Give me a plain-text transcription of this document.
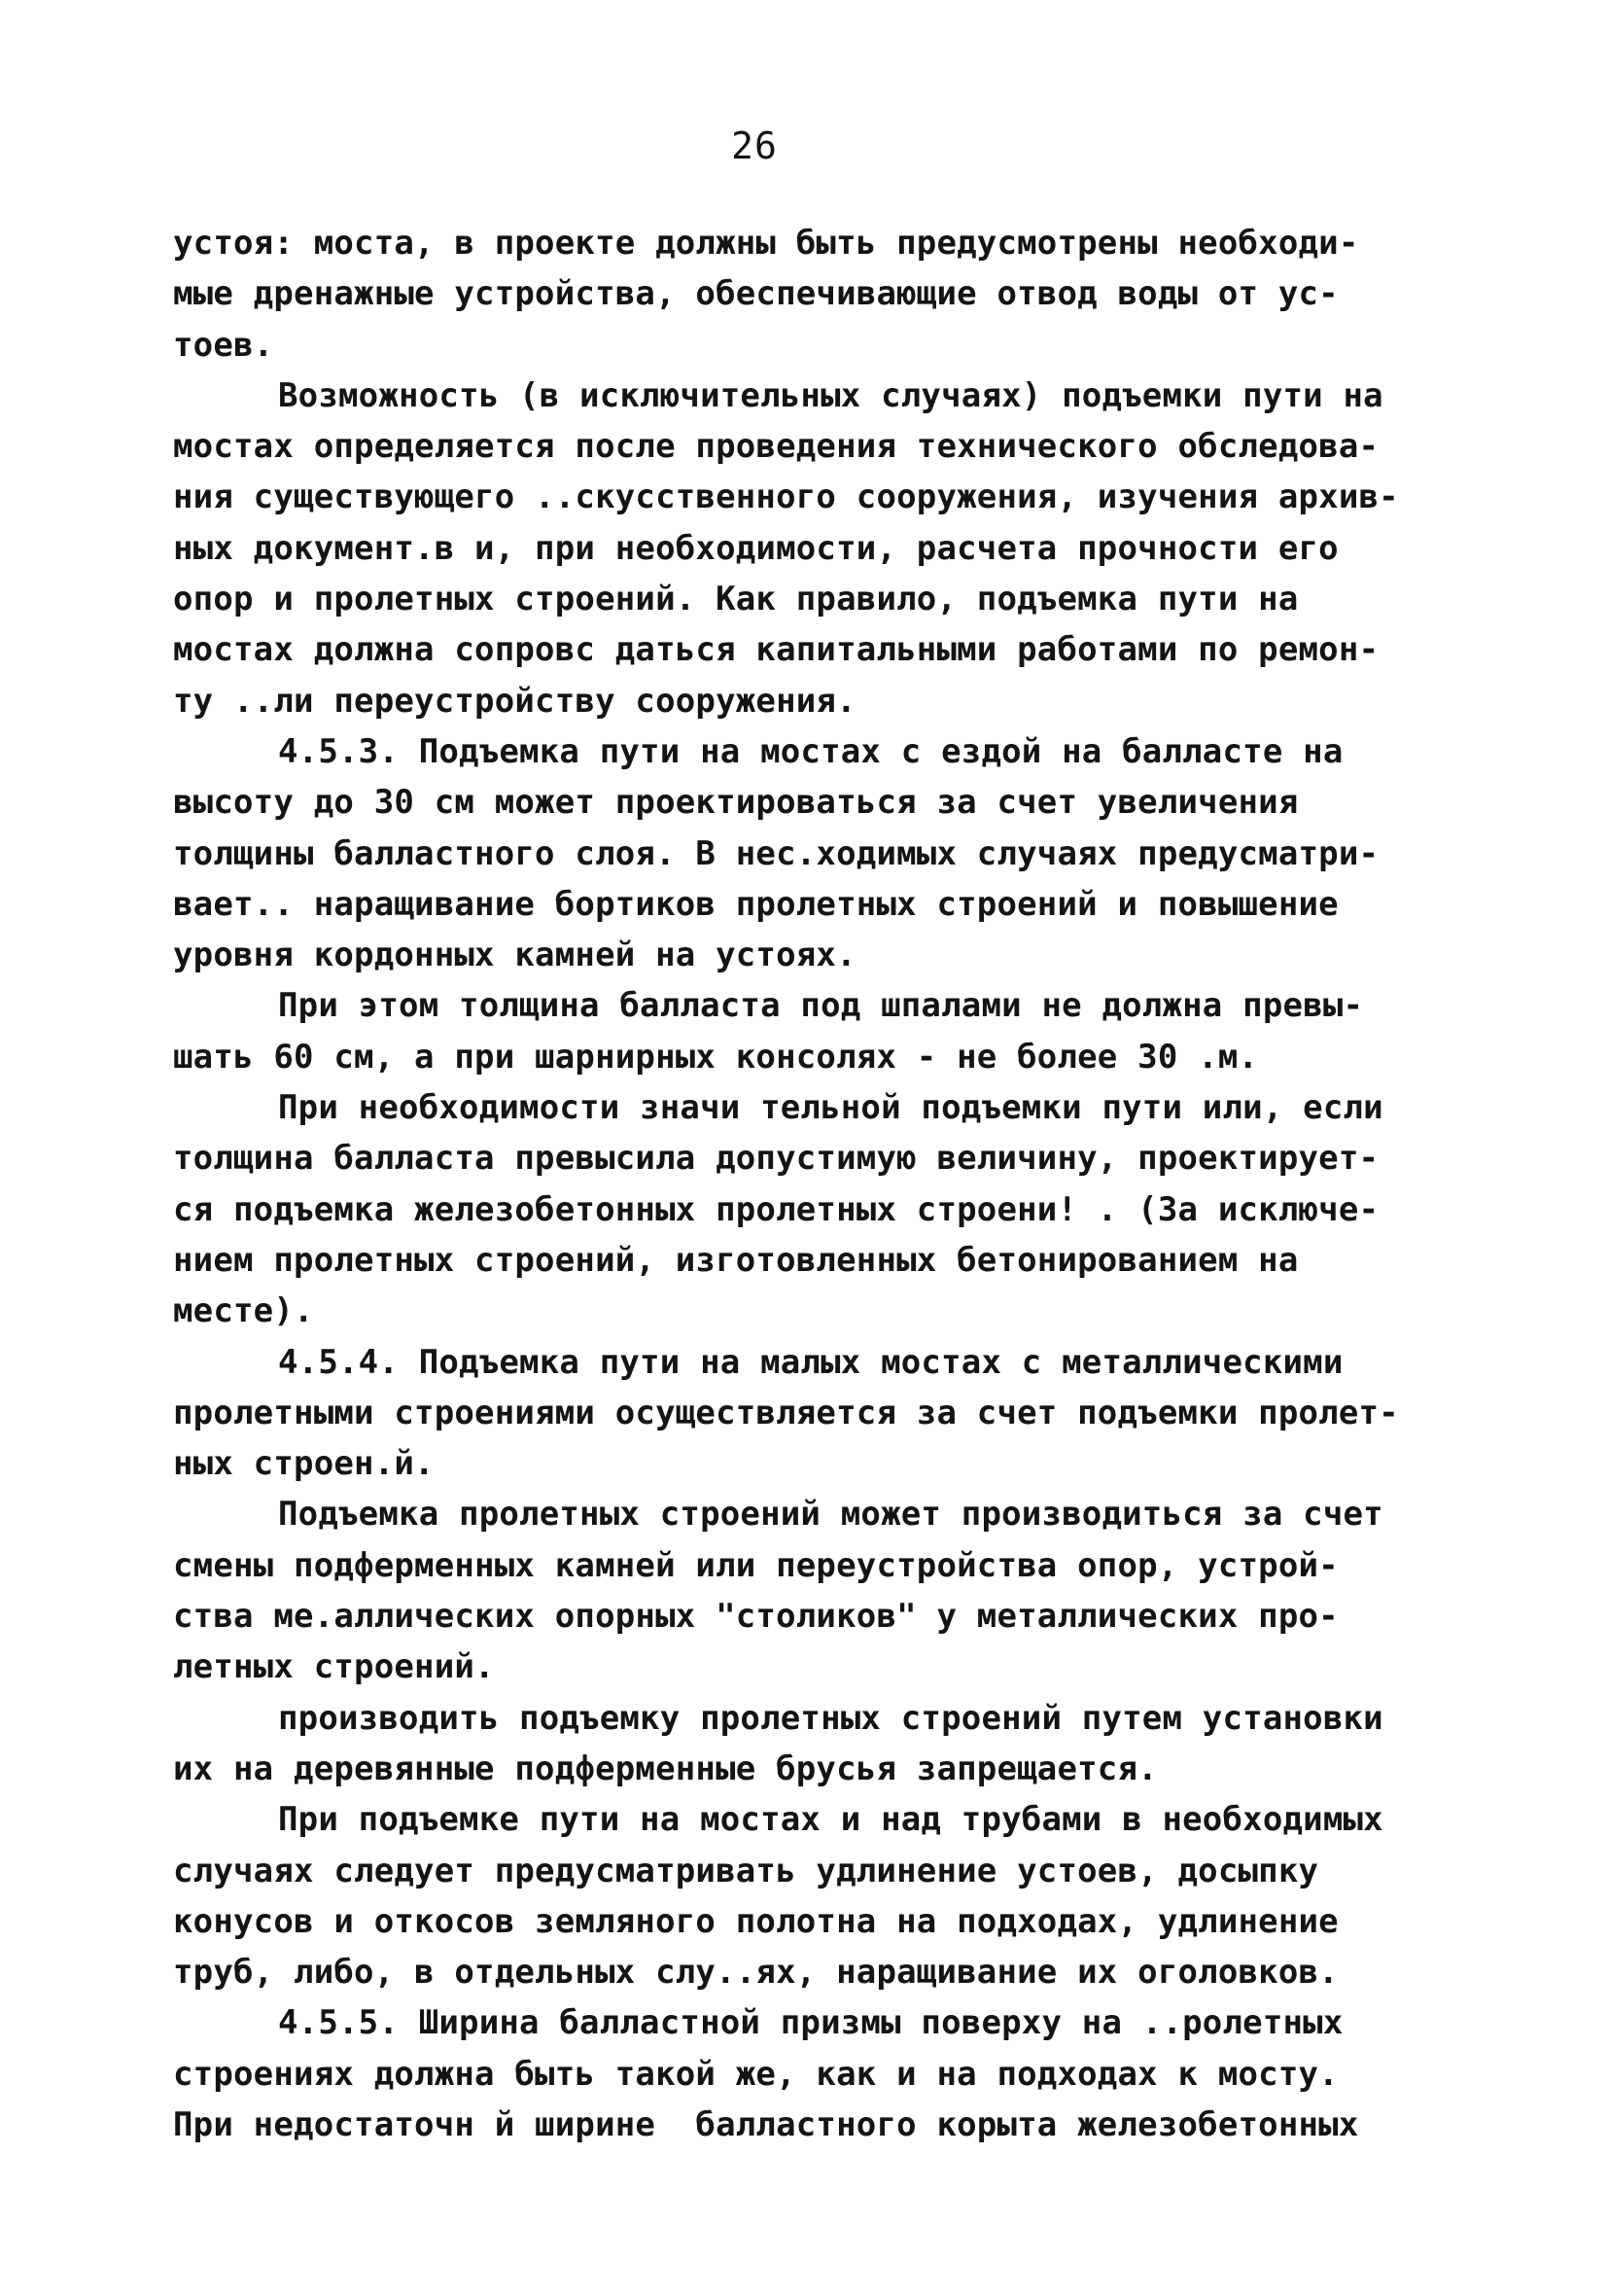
26
устоя: моста, в проекте должны быть предусмотрены необходи-
мые дренажные устройства, обеспечивающие отвод воды от ус-
тоев.
Возможность (в исключительных случаях) подъемки пути на
мостах определяется после проведения технического обследова-
ния существующего ..скусственного сооружения, изучения архив-
ных документ.в и, при необходимости, расчета прочности его
опор и пролетных строений. Как правило, подъемка пути на
мостах должна сопровс даться капитальными работами по ремон-
ту ..ли переустройству сооружения.
4.5.3. Подъемка пути на мостах с ездой на балласте на
высоту до 30 см может проектироваться за счет увеличения
толщины балластного слоя. В нес.ходимых случаях предусматри-
вает.. наращивание бортиков пролетных строений и повышение
уровня кордонных камней на устоях.
При этом толщина балласта под шпалами не должна превы-
шать 60 см, а при шарнирных консолях - не более 30 .м.
При необходимости значи тельной подъемки пути или, если
толщина балласта превысила допустимую величину, проектирует-
ся подъемка железобетонных пролетных строени! . (За исключе-
нием пролетных строений, изготовленных бетонированием на
месте).
4.5.4. Подъемка пути на малых мостах с металлическими
пролетными строениями осуществляется за счет подъемки пролет-
ных строен.й.
Подъемка пролетных строений может производиться за счет
смены подферменных камней или переустройства опор, устрой-
ства ме.аллических опорных "столиков" у металлических про-
летных строений.
производить подъемку пролетных строений путем установки
их на деревянные подферменные брусья запрещается.
При подъемке пути на мостах и над трубами в необходимых
случаях следует предусматривать удлинение устоев, досыпку
конусов и откосов земляного полотна на подходах, удлинение
труб, либо, в отдельных слу..ях, наращивание их оголовков.
4.5.5. Ширина балластной призмы поверху на ..ролетных
строениях должна быть такой же, как и на подходах к мосту.
При недостаточн й ширине  балластного корыта железобетонных
